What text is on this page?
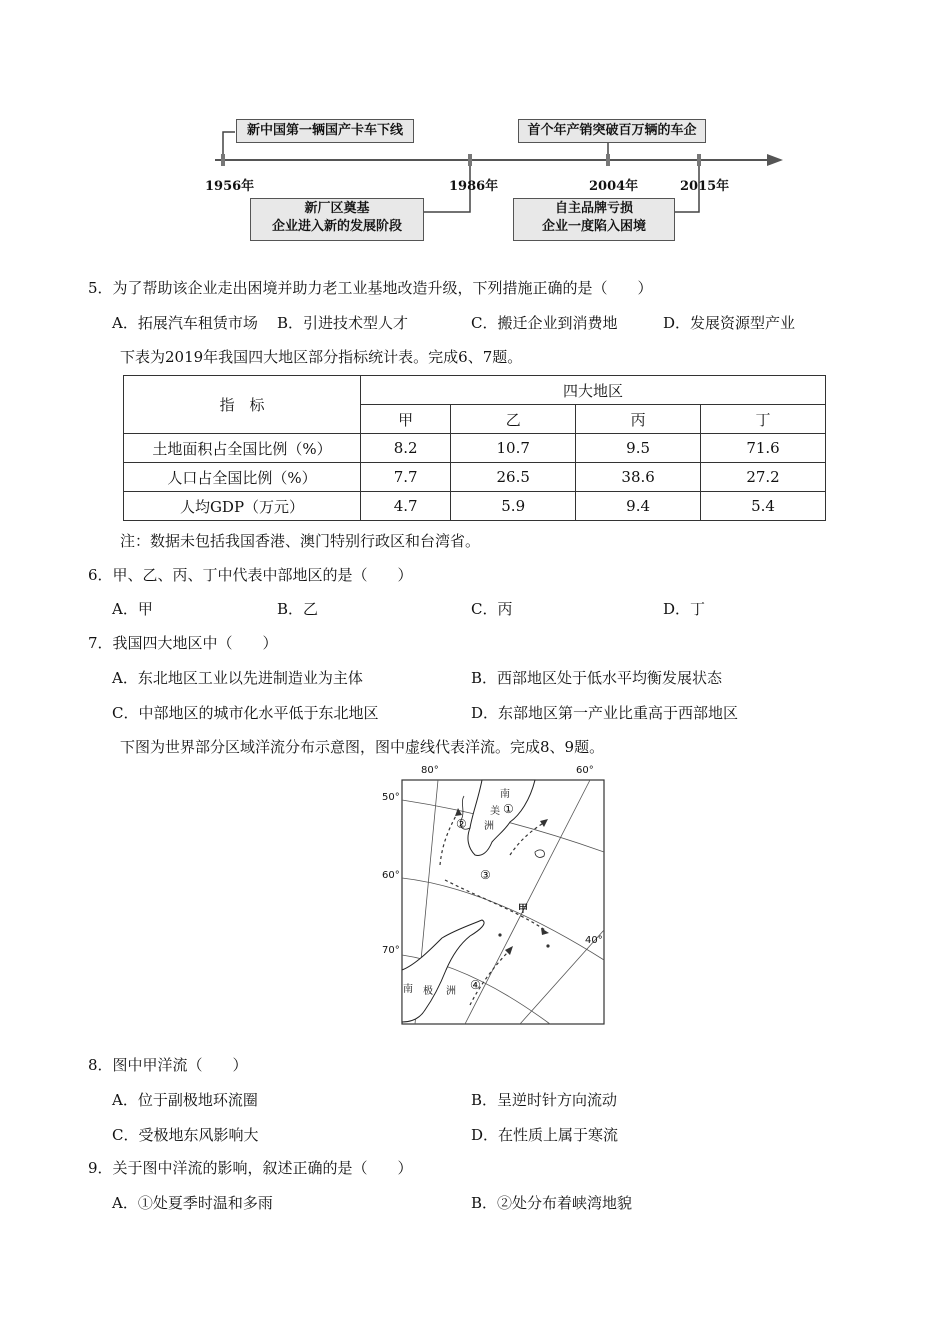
新中国第一辆国产卡车下线	首个年产销突破百万辆的车企
1956年	1986年	2004年	2015年
新厂区奠基
企业进入新的发展阶段
自主品牌亏损
企业一度陷入困境
5．为了帮助该企业走出困境并助力老工业基地改造升级，下列措施正确的是（　　）
A．拓展汽车租赁市场 B．引进技术型人才	C．搬迁企业到消费地	D．发展资源型产业
下表为2019年我国四大地区部分指标统计表。完成6、7题。
指　标	四大地区			
	甲	乙	丙	丁
土地面积占全国比例（%）	8.2	10.7	9.5	71.6
人口占全国比例（%）	7.7	26.5	38.6	27.2
人均GDP（万元）	4.7	5.9	9.4	5.4
注：数据未包括我国香港、澳门特别行政区和台湾省。
6．甲、乙、丙、丁中代表中部地区的是（　　）
A．甲	B．乙	C．丙	D．丁
7．我国四大地区中（　　）
A．东北地区工业以先进制造业为主体	B．西部地区处于低水平均衡发展状态
C．中部地区的城市化水平低于东北地区	D．东部地区第一产业比重高于西部地区
下图为世界部分区域洋流分布示意图，图中虚线代表洋流。完成8、9题。
80°	60°
40°
50°
60°
70°
南
美
洲
南 极 洲
甲
①
②
③
④
8．图中甲洋流（　　）
A．位于副极地环流圈	B．呈逆时针方向流动
C．受极地东风影响大	D．在性质上属于寒流
9．关于图中洋流的影响，叙述正确的是（　　）
A．①处夏季时温和多雨	B．②处分布着峡湾地貌
